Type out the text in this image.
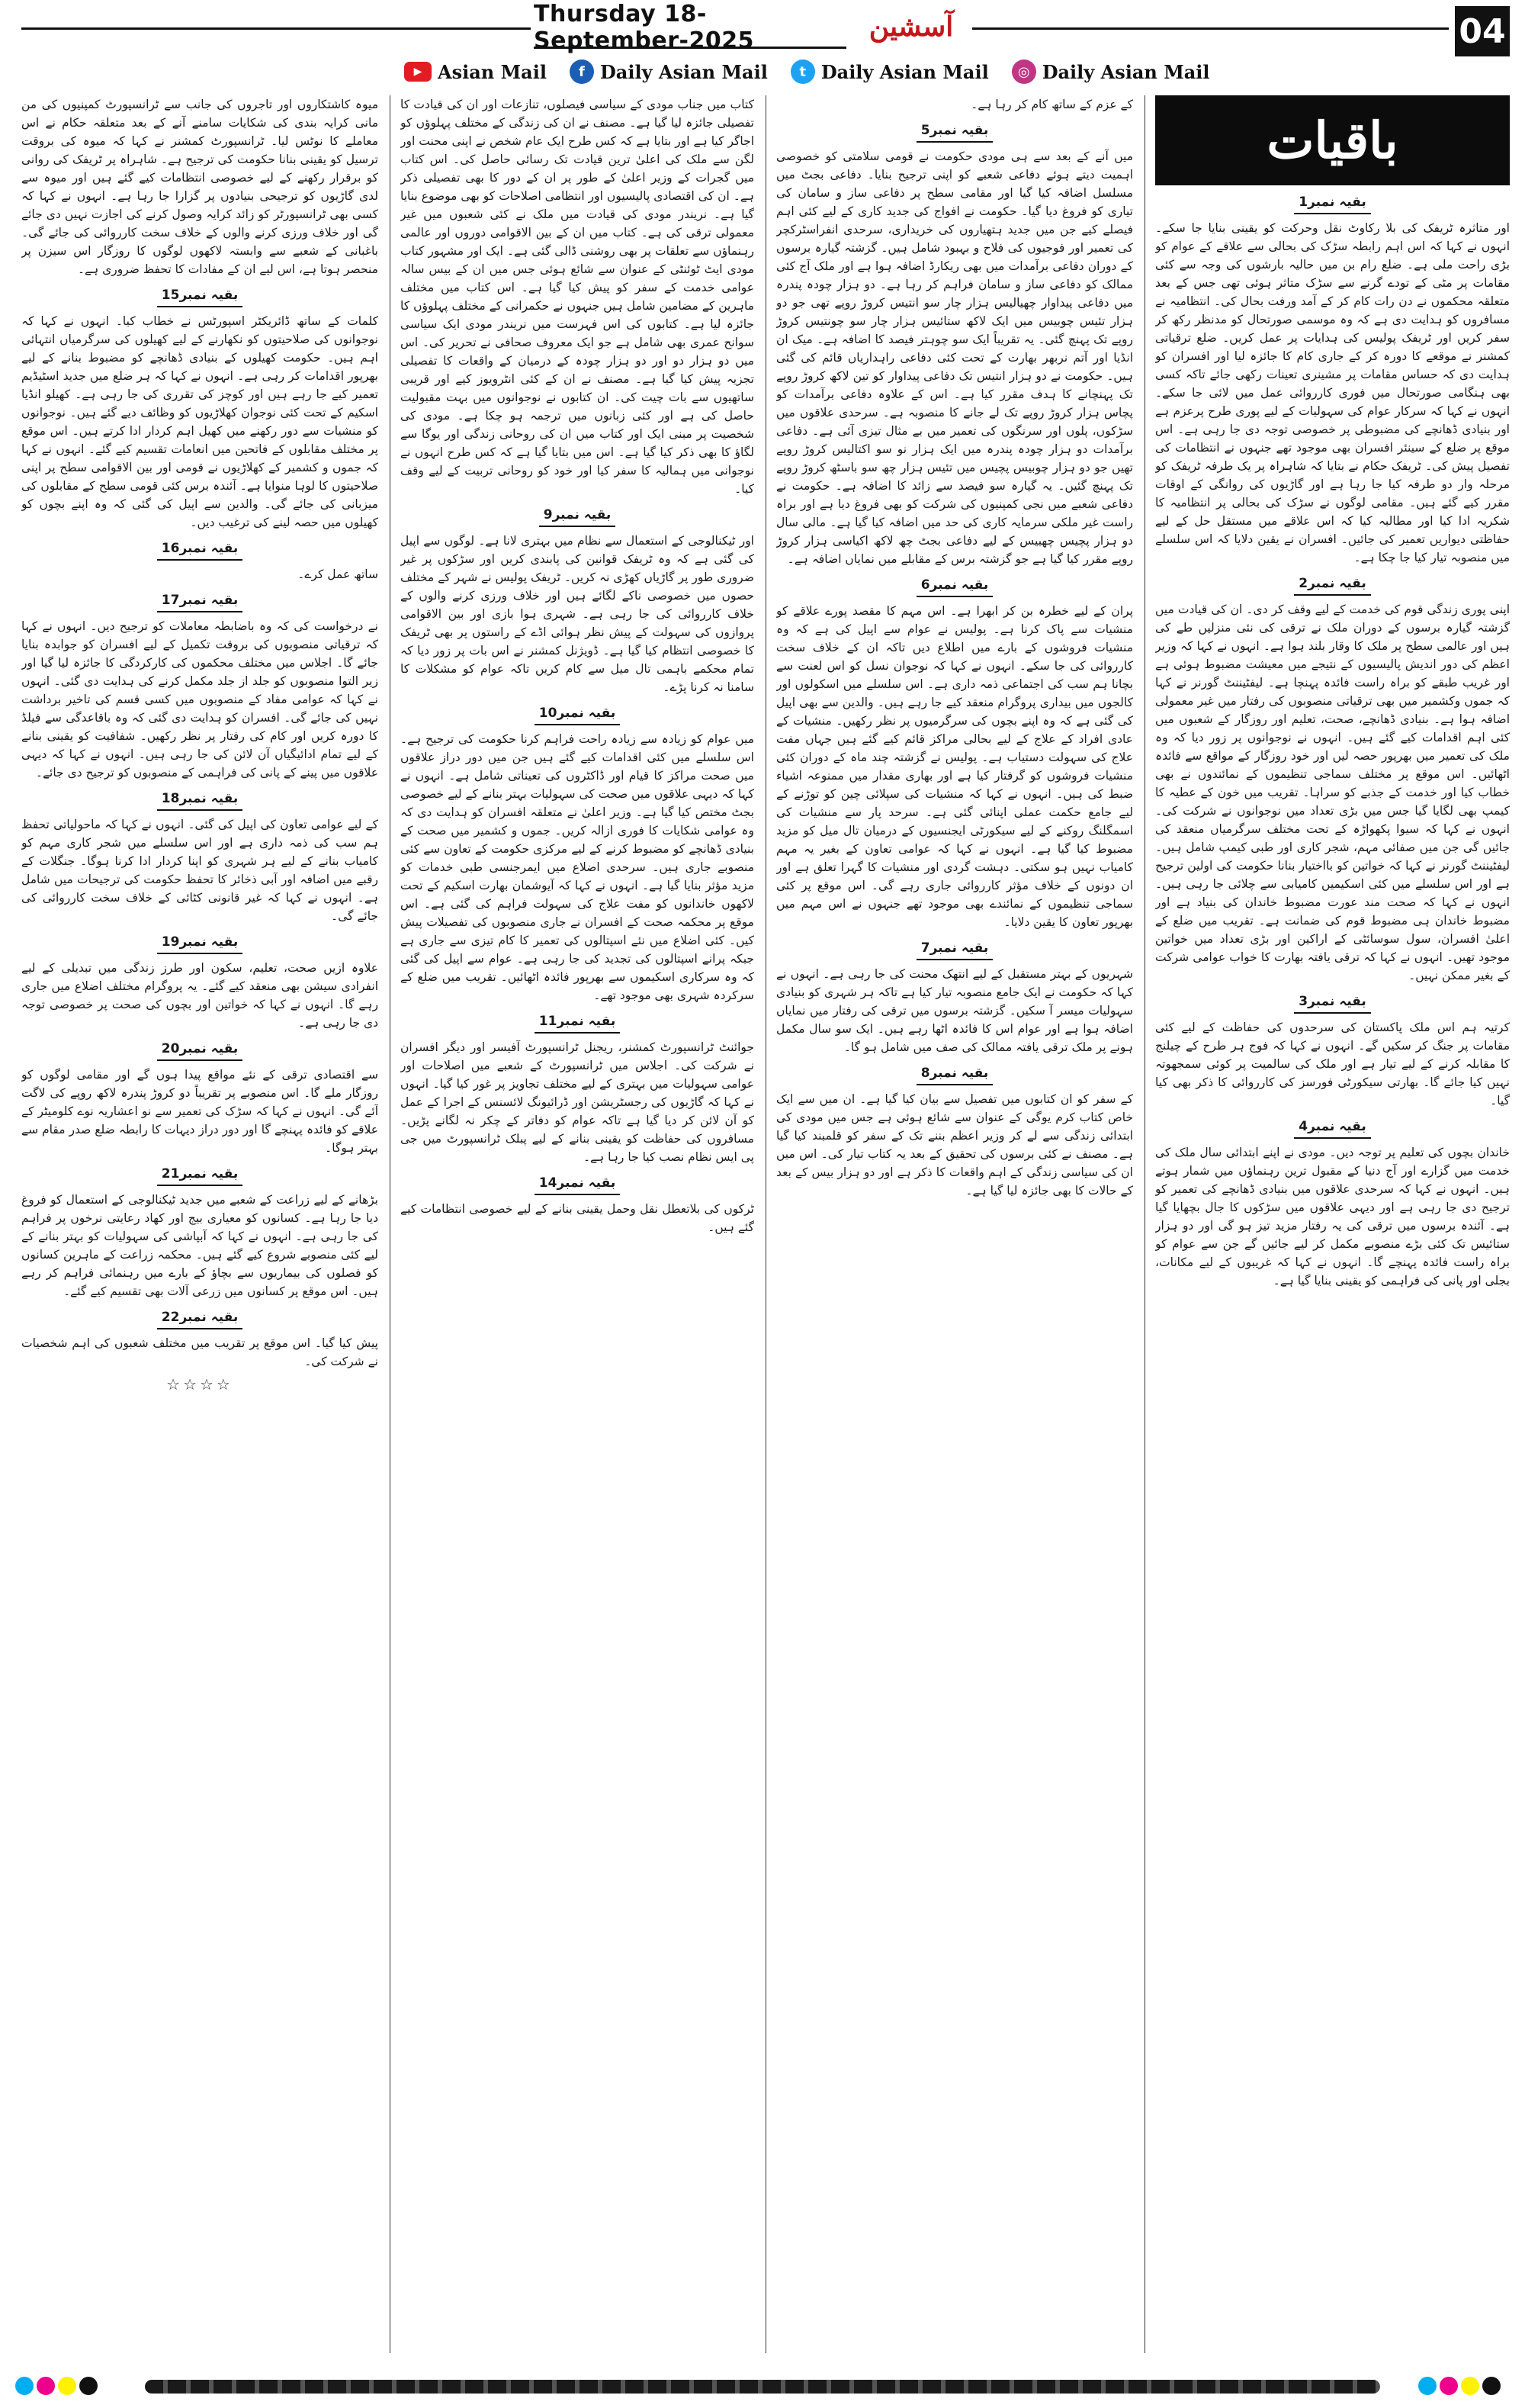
Thursday 18-September-2025	آسشین	04
▶ Asian Mail	f Daily Asian Mail	t Daily Asian Mail	◎ Daily Asian Mail
میوہ کاشتکاروں اور تاجروں کی جانب سے ٹرانسپورٹ کمپنیوں کی من مانی کرایہ بندی کی شکایات سامنے آنے کے بعد متعلقہ حکام نے اس معاملے کا نوٹس لیا۔ ٹرانسپورٹ کمشنر نے کہا کہ میوہ کی بروقت ترسیل کو یقینی بنانا حکومت کی ترجیح ہے۔ شاہراہ پر ٹریفک کی روانی کو برقرار رکھنے کے لیے خصوصی انتظامات کیے گئے ہیں اور میوہ سے لدی گاڑیوں کو ترجیحی بنیادوں پر گزارا جا رہا ہے۔ انہوں نے کہا کہ کسی بھی ٹرانسپورٹر کو زائد کرایہ وصول کرنے کی اجازت نہیں دی جائے گی اور خلاف ورزی کرنے والوں کے خلاف سخت کارروائی کی جائے گی۔ باغبانی کے شعبے سے وابستہ لاکھوں لوگوں کا روزگار اس سیزن پر منحصر ہوتا ہے، اس لیے ان کے مفادات کا تحفظ ضروری ہے۔
بقیہ نمبر15
کلمات کے ساتھ ڈائریکٹر اسپورٹس نے خطاب کیا۔ انہوں نے کہا کہ نوجوانوں کی صلاحیتوں کو نکھارنے کے لیے کھیلوں کی سرگرمیاں انتہائی اہم ہیں۔ حکومت کھیلوں کے بنیادی ڈھانچے کو مضبوط بنانے کے لیے بھرپور اقدامات کر رہی ہے۔ انہوں نے کہا کہ ہر ضلع میں جدید اسٹیڈیم تعمیر کیے جا رہے ہیں اور کوچز کی تقرری کی جا رہی ہے۔ کھیلو انڈیا اسکیم کے تحت کئی نوجوان کھلاڑیوں کو وظائف دیے گئے ہیں۔ نوجوانوں کو منشیات سے دور رکھنے میں کھیل اہم کردار ادا کرتے ہیں۔ اس موقع پر مختلف مقابلوں کے فاتحین میں انعامات تقسیم کیے گئے۔ انہوں نے کہا کہ جموں و کشمیر کے کھلاڑیوں نے قومی اور بین الاقوامی سطح پر اپنی صلاحیتوں کا لوہا منوایا ہے۔ آئندہ برس کئی قومی سطح کے مقابلوں کی میزبانی کی جائے گی۔ والدین سے اپیل کی گئی کہ وہ اپنے بچوں کو کھیلوں میں حصہ لینے کی ترغیب دیں۔
بقیہ نمبر16
ساتھ عمل کرے۔
بقیہ نمبر17
نے درخواست کی کہ وہ باضابطہ معاملات کو ترجیح دیں۔ انہوں نے کہا کہ ترقیاتی منصوبوں کی بروقت تکمیل کے لیے افسران کو جوابدہ بنایا جائے گا۔ اجلاس میں مختلف محکموں کی کارکردگی کا جائزہ لیا گیا اور زیر التوا منصوبوں کو جلد از جلد مکمل کرنے کی ہدایت دی گئی۔ انہوں نے کہا کہ عوامی مفاد کے منصوبوں میں کسی قسم کی تاخیر برداشت نہیں کی جائے گی۔ افسران کو ہدایت دی گئی کہ وہ باقاعدگی سے فیلڈ کا دورہ کریں اور کام کی رفتار پر نظر رکھیں۔ شفافیت کو یقینی بنانے کے لیے تمام ادائیگیاں آن لائن کی جا رہی ہیں۔ انہوں نے کہا کہ دیہی علاقوں میں پینے کے پانی کی فراہمی کے منصوبوں کو ترجیح دی جائے۔
بقیہ نمبر18
کے لیے عوامی تعاون کی اپیل کی گئی۔ انہوں نے کہا کہ ماحولیاتی تحفظ ہم سب کی ذمہ داری ہے اور اس سلسلے میں شجر کاری مہم کو کامیاب بنانے کے لیے ہر شہری کو اپنا کردار ادا کرنا ہوگا۔ جنگلات کے رقبے میں اضافہ اور آبی ذخائر کا تحفظ حکومت کی ترجیحات میں شامل ہے۔ انہوں نے کہا کہ غیر قانونی کٹائی کے خلاف سخت کارروائی کی جائے گی۔
بقیہ نمبر19
علاوہ ازیں صحت، تعلیم، سکون اور طرز زندگی میں تبدیلی کے لیے انفرادی سیشن بھی منعقد کیے گئے۔ یہ پروگرام مختلف اضلاع میں جاری رہے گا۔ انہوں نے کہا کہ خواتین اور بچوں کی صحت پر خصوصی توجہ دی جا رہی ہے۔
بقیہ نمبر20
سے اقتصادی ترقی کے نئے مواقع پیدا ہوں گے اور مقامی لوگوں کو روزگار ملے گا۔ اس منصوبے پر تقریباً دو کروڑ پندرہ لاکھ روپے کی لاگت آئے گی۔ انہوں نے کہا کہ سڑک کی تعمیر سے نو اعشاریہ نوے کلومیٹر کے علاقے کو فائدہ پہنچے گا اور دور دراز دیہات کا رابطہ ضلع صدر مقام سے بہتر ہوگا۔
بقیہ نمبر21
بڑھانے کے لیے زراعت کے شعبے میں جدید ٹیکنالوجی کے استعمال کو فروغ دیا جا رہا ہے۔ کسانوں کو معیاری بیج اور کھاد رعایتی نرخوں پر فراہم کی جا رہی ہے۔ انہوں نے کہا کہ آبپاشی کی سہولیات کو بہتر بنانے کے لیے کئی منصوبے شروع کیے گئے ہیں۔ محکمہ زراعت کے ماہرین کسانوں کو فصلوں کی بیماریوں سے بچاؤ کے بارے میں رہنمائی فراہم کر رہے ہیں۔ اس موقع پر کسانوں میں زرعی آلات بھی تقسیم کیے گئے۔
بقیہ نمبر22
پیش کیا گیا۔ اس موقع پر تقریب میں مختلف شعبوں کی اہم شخصیات نے شرکت کی۔
☆☆☆☆
کتاب میں جناب مودی کے سیاسی فیصلوں، تنازعات اور ان کی قیادت کا تفصیلی جائزہ لیا گیا ہے۔ مصنف نے ان کی زندگی کے مختلف پہلوؤں کو اجاگر کیا ہے اور بتایا ہے کہ کس طرح ایک عام شخص نے اپنی محنت اور لگن سے ملک کی اعلیٰ ترین قیادت تک رسائی حاصل کی۔ اس کتاب میں گجرات کے وزیر اعلیٰ کے طور پر ان کے دور کا بھی تفصیلی ذکر ہے۔ ان کی اقتصادی پالیسیوں اور انتظامی اصلاحات کو بھی موضوع بنایا گیا ہے۔ نریندر مودی کی قیادت میں ملک نے کئی شعبوں میں غیر معمولی ترقی کی ہے۔ کتاب میں ان کے بین الاقوامی دوروں اور عالمی رہنماؤں سے تعلقات پر بھی روشنی ڈالی گئی ہے۔ ایک اور مشہور کتاب مودی ایٹ ٹوئنٹی کے عنوان سے شائع ہوئی جس میں ان کے بیس سالہ عوامی خدمت کے سفر کو پیش کیا گیا ہے۔ اس کتاب میں مختلف ماہرین کے مضامین شامل ہیں جنہوں نے حکمرانی کے مختلف پہلوؤں کا جائزہ لیا ہے۔ کتابوں کی اس فہرست میں نریندر مودی ایک سیاسی سوانح عمری بھی شامل ہے جو ایک معروف صحافی نے تحریر کی۔ اس میں دو ہزار دو اور دو ہزار چودہ کے درمیان کے واقعات کا تفصیلی تجزیہ پیش کیا گیا ہے۔ مصنف نے ان کے کئی انٹرویوز کیے اور قریبی ساتھیوں سے بات چیت کی۔ ان کتابوں نے نوجوانوں میں بہت مقبولیت حاصل کی ہے اور کئی زبانوں میں ترجمہ ہو چکا ہے۔ مودی کی شخصیت پر مبنی ایک اور کتاب میں ان کی روحانی زندگی اور یوگا سے لگاؤ کا بھی ذکر کیا گیا ہے۔ اس میں بتایا گیا ہے کہ کس طرح انہوں نے نوجوانی میں ہمالیہ کا سفر کیا اور خود کو روحانی تربیت کے لیے وقف کیا۔
بقیہ نمبر9
اور ٹیکنالوجی کے استعمال سے نظام میں بہتری لانا ہے۔ لوگوں سے اپیل کی گئی ہے کہ وہ ٹریفک قوانین کی پابندی کریں اور سڑکوں پر غیر ضروری طور پر گاڑیاں کھڑی نہ کریں۔ ٹریفک پولیس نے شہر کے مختلف حصوں میں خصوصی ناکے لگائے ہیں اور خلاف ورزی کرنے والوں کے خلاف کارروائی کی جا رہی ہے۔ شہری ہوا بازی اور بین الاقوامی پروازوں کی سہولت کے پیش نظر ہوائی اڈے کے راستوں پر بھی ٹریفک کا خصوصی انتظام کیا گیا ہے۔ ڈویژنل کمشنر نے اس بات پر زور دیا کہ تمام محکمے باہمی تال میل سے کام کریں تاکہ عوام کو مشکلات کا سامنا نہ کرنا پڑے۔
بقیہ نمبر10
میں عوام کو زیادہ سے زیادہ راحت فراہم کرنا حکومت کی ترجیح ہے۔ اس سلسلے میں کئی اقدامات کیے گئے ہیں جن میں دور دراز علاقوں میں صحت مراکز کا قیام اور ڈاکٹروں کی تعیناتی شامل ہے۔ انہوں نے کہا کہ دیہی علاقوں میں صحت کی سہولیات بہتر بنانے کے لیے خصوصی بجٹ مختص کیا گیا ہے۔ وزیر اعلیٰ نے متعلقہ افسران کو ہدایت دی کہ وہ عوامی شکایات کا فوری ازالہ کریں۔ جموں و کشمیر میں صحت کے بنیادی ڈھانچے کو مضبوط کرنے کے لیے مرکزی حکومت کے تعاون سے کئی منصوبے جاری ہیں۔ سرحدی اضلاع میں ایمرجنسی طبی خدمات کو مزید مؤثر بنایا گیا ہے۔ انہوں نے کہا کہ آیوشمان بھارت اسکیم کے تحت لاکھوں خاندانوں کو مفت علاج کی سہولت فراہم کی گئی ہے۔ اس موقع پر محکمہ صحت کے افسران نے جاری منصوبوں کی تفصیلات پیش کیں۔ کئی اضلاع میں نئے اسپتالوں کی تعمیر کا کام تیزی سے جاری ہے جبکہ پرانے اسپتالوں کی تجدید کی جا رہی ہے۔ عوام سے اپیل کی گئی کہ وہ سرکاری اسکیموں سے بھرپور فائدہ اٹھائیں۔ تقریب میں ضلع کے سرکردہ شہری بھی موجود تھے۔
بقیہ نمبر11
جوائنٹ ٹرانسپورٹ کمشنر، ریجنل ٹرانسپورٹ آفیسر اور دیگر افسران نے شرکت کی۔ اجلاس میں ٹرانسپورٹ کے شعبے میں اصلاحات اور عوامی سہولیات میں بہتری کے لیے مختلف تجاویز پر غور کیا گیا۔ انہوں نے کہا کہ گاڑیوں کی رجسٹریشن اور ڈرائیونگ لائسنس کے اجرا کے عمل کو آن لائن کر دیا گیا ہے تاکہ عوام کو دفاتر کے چکر نہ لگانے پڑیں۔ مسافروں کی حفاظت کو یقینی بنانے کے لیے پبلک ٹرانسپورٹ میں جی پی ایس نظام نصب کیا جا رہا ہے۔
بقیہ نمبر14
ٹرکوں کی بلاتعطل نقل وحمل یقینی بنانے کے لیے خصوصی انتظامات کیے گئے ہیں۔
کے عزم کے ساتھ کام کر رہا ہے۔
بقیہ نمبر5
میں آنے کے بعد سے ہی مودی حکومت نے قومی سلامتی کو خصوصی اہمیت دیتے ہوئے دفاعی شعبے کو اپنی ترجیح بنایا۔ دفاعی بجٹ میں مسلسل اضافہ کیا گیا اور مقامی سطح پر دفاعی ساز و سامان کی تیاری کو فروغ دیا گیا۔ حکومت نے افواج کی جدید کاری کے لیے کئی اہم فیصلے کیے جن میں جدید ہتھیاروں کی خریداری، سرحدی انفراسٹرکچر کی تعمیر اور فوجیوں کی فلاح و بہبود شامل ہیں۔ گزشتہ گیارہ برسوں کے دوران دفاعی برآمدات میں بھی ریکارڈ اضافہ ہوا ہے اور ملک آج کئی ممالک کو دفاعی ساز و سامان فراہم کر رہا ہے۔ دو ہزار چودہ پندرہ میں دفاعی پیداوار چھیالیس ہزار چار سو انتیس کروڑ روپے تھی جو دو ہزار تئیس چوبیس میں ایک لاکھ ستائیس ہزار چار سو چونتیس کروڑ روپے تک پہنچ گئی۔ یہ تقریباً ایک سو چوہتر فیصد کا اضافہ ہے۔ میک ان انڈیا اور آتم نربھر بھارت کے تحت کئی دفاعی راہداریاں قائم کی گئی ہیں۔ حکومت نے دو ہزار انتیس تک دفاعی پیداوار کو تین لاکھ کروڑ روپے تک پہنچانے کا ہدف مقرر کیا ہے۔ اس کے علاوہ دفاعی برآمدات کو پچاس ہزار کروڑ روپے تک لے جانے کا منصوبہ ہے۔ سرحدی علاقوں میں سڑکوں، پلوں اور سرنگوں کی تعمیر میں بے مثال تیزی آئی ہے۔ دفاعی برآمدات دو ہزار چودہ پندرہ میں ایک ہزار نو سو اکتالیس کروڑ روپے تھیں جو دو ہزار چوبیس پچیس میں تئیس ہزار چھ سو باسٹھ کروڑ روپے تک پہنچ گئیں۔ یہ گیارہ سو فیصد سے زائد کا اضافہ ہے۔ حکومت نے دفاعی شعبے میں نجی کمپنیوں کی شرکت کو بھی فروغ دیا ہے اور براہ راست غیر ملکی سرمایہ کاری کی حد میں اضافہ کیا گیا ہے۔ مالی سال دو ہزار پچیس چھبیس کے لیے دفاعی بجٹ چھ لاکھ اکیاسی ہزار کروڑ روپے مقرر کیا گیا ہے جو گزشتہ برس کے مقابلے میں نمایاں اضافہ ہے۔
بقیہ نمبر6
پران کے لیے خطرہ بن کر ابھرا ہے۔ اس مہم کا مقصد پورے علاقے کو منشیات سے پاک کرنا ہے۔ پولیس نے عوام سے اپیل کی ہے کہ وہ منشیات فروشوں کے بارے میں اطلاع دیں تاکہ ان کے خلاف سخت کارروائی کی جا سکے۔ انہوں نے کہا کہ نوجوان نسل کو اس لعنت سے بچانا ہم سب کی اجتماعی ذمہ داری ہے۔ اس سلسلے میں اسکولوں اور کالجوں میں بیداری پروگرام منعقد کیے جا رہے ہیں۔ والدین سے بھی اپیل کی گئی ہے کہ وہ اپنے بچوں کی سرگرمیوں پر نظر رکھیں۔ منشیات کے عادی افراد کے علاج کے لیے بحالی مراکز قائم کیے گئے ہیں جہاں مفت علاج کی سہولت دستیاب ہے۔ پولیس نے گزشتہ چند ماہ کے دوران کئی منشیات فروشوں کو گرفتار کیا ہے اور بھاری مقدار میں ممنوعہ اشیاء ضبط کی ہیں۔ انہوں نے کہا کہ منشیات کی سپلائی چین کو توڑنے کے لیے جامع حکمت عملی اپنائی گئی ہے۔ سرحد پار سے منشیات کی اسمگلنگ روکنے کے لیے سیکورٹی ایجنسیوں کے درمیان تال میل کو مزید مضبوط کیا گیا ہے۔ انہوں نے کہا کہ عوامی تعاون کے بغیر یہ مہم کامیاب نہیں ہو سکتی۔ دہشت گردی اور منشیات کا گہرا تعلق ہے اور ان دونوں کے خلاف مؤثر کارروائی جاری رہے گی۔ اس موقع پر کئی سماجی تنظیموں کے نمائندے بھی موجود تھے جنہوں نے اس مہم میں بھرپور تعاون کا یقین دلایا۔
بقیہ نمبر7
شہریوں کے بہتر مستقبل کے لیے انتھک محنت کی جا رہی ہے۔ انہوں نے کہا کہ حکومت نے ایک جامع منصوبہ تیار کیا ہے تاکہ ہر شہری کو بنیادی سہولیات میسر آ سکیں۔ گزشتہ برسوں میں ترقی کی رفتار میں نمایاں اضافہ ہوا ہے اور عوام اس کا فائدہ اٹھا رہے ہیں۔ ایک سو سال مکمل ہونے پر ملک ترقی یافتہ ممالک کی صف میں شامل ہو گا۔
بقیہ نمبر8
کے سفر کو ان کتابوں میں تفصیل سے بیان کیا گیا ہے۔ ان میں سے ایک خاص کتاب کرم یوگی کے عنوان سے شائع ہوئی ہے جس میں مودی کی ابتدائی زندگی سے لے کر وزیر اعظم بننے تک کے سفر کو قلمبند کیا گیا ہے۔ مصنف نے کئی برسوں کی تحقیق کے بعد یہ کتاب تیار کی۔ اس میں ان کی سیاسی زندگی کے اہم واقعات کا ذکر ہے اور دو ہزار بیس کے بعد کے حالات کا بھی جائزہ لیا گیا ہے۔
باقیات
بقیہ نمبر1
اور متاثرہ ٹریفک کی بلا رکاوٹ نقل وحرکت کو یقینی بنایا جا سکے۔ انہوں نے کہا کہ اس اہم رابطہ سڑک کی بحالی سے علاقے کے عوام کو بڑی راحت ملی ہے۔ ضلع رام بن میں حالیہ بارشوں کی وجہ سے کئی مقامات پر مٹی کے تودے گرنے سے سڑک متاثر ہوئی تھی جس کے بعد متعلقہ محکموں نے دن رات کام کر کے آمد ورفت بحال کی۔ انتظامیہ نے مسافروں کو ہدایت دی ہے کہ وہ موسمی صورتحال کو مدنظر رکھ کر سفر کریں اور ٹریفک پولیس کی ہدایات پر عمل کریں۔ ضلع ترقیاتی کمشنر نے موقعے کا دورہ کر کے جاری کام کا جائزہ لیا اور افسران کو ہدایت دی کہ حساس مقامات پر مشینری تعینات رکھی جائے تاکہ کسی بھی ہنگامی صورتحال میں فوری کارروائی عمل میں لائی جا سکے۔ انہوں نے کہا کہ سرکار عوام کی سہولیات کے لیے پوری طرح پرعزم ہے اور بنیادی ڈھانچے کی مضبوطی پر خصوصی توجہ دی جا رہی ہے۔ اس موقع پر ضلع کے سینئر افسران بھی موجود تھے جنہوں نے انتظامات کی تفصیل پیش کی۔ ٹریفک حکام نے بتایا کہ شاہراہ پر یک طرفہ ٹریفک کو مرحلہ وار دو طرفہ کیا جا رہا ہے اور گاڑیوں کی روانگی کے اوقات مقرر کیے گئے ہیں۔ مقامی لوگوں نے سڑک کی بحالی پر انتظامیہ کا شکریہ ادا کیا اور مطالبہ کیا کہ اس علاقے میں مستقل حل کے لیے حفاظتی دیواریں تعمیر کی جائیں۔ افسران نے یقین دلایا کہ اس سلسلے میں منصوبہ تیار کیا جا چکا ہے۔
بقیہ نمبر2
اپنی پوری زندگی قوم کی خدمت کے لیے وقف کر دی۔ ان کی قیادت میں گزشتہ گیارہ برسوں کے دوران ملک نے ترقی کی نئی منزلیں طے کی ہیں اور عالمی سطح پر ملک کا وقار بلند ہوا ہے۔ انہوں نے کہا کہ وزیر اعظم کی دور اندیش پالیسیوں کے نتیجے میں معیشت مضبوط ہوئی ہے اور غریب طبقے کو براہ راست فائدہ پہنچا ہے۔ لیفٹیننٹ گورنر نے کہا کہ جموں وکشمیر میں بھی ترقیاتی منصوبوں کی رفتار میں غیر معمولی اضافہ ہوا ہے۔ بنیادی ڈھانچے، صحت، تعلیم اور روزگار کے شعبوں میں کئی اہم اقدامات کیے گئے ہیں۔ انہوں نے نوجوانوں پر زور دیا کہ وہ ملک کی تعمیر میں بھرپور حصہ لیں اور خود روزگار کے مواقع سے فائدہ اٹھائیں۔ اس موقع پر مختلف سماجی تنظیموں کے نمائندوں نے بھی خطاب کیا اور خدمت کے جذبے کو سراہا۔ تقریب میں خون کے عطیہ کا کیمپ بھی لگایا گیا جس میں بڑی تعداد میں نوجوانوں نے شرکت کی۔ انہوں نے کہا کہ سیوا پکھواڑہ کے تحت مختلف سرگرمیاں منعقد کی جائیں گی جن میں صفائی مہم، شجر کاری اور طبی کیمپ شامل ہیں۔ لیفٹیننٹ گورنر نے کہا کہ خواتین کو بااختیار بنانا حکومت کی اولین ترجیح ہے اور اس سلسلے میں کئی اسکیمیں کامیابی سے چلائی جا رہی ہیں۔ انہوں نے کہا کہ صحت مند عورت مضبوط خاندان کی بنیاد ہے اور مضبوط خاندان ہی مضبوط قوم کی ضمانت ہے۔ تقریب میں ضلع کے اعلیٰ افسران، سول سوسائٹی کے اراکین اور بڑی تعداد میں خواتین موجود تھیں۔ انہوں نے کہا کہ ترقی یافتہ بھارت کا خواب عوامی شرکت کے بغیر ممکن نہیں۔
بقیہ نمبر3
کرتیہ ہم اس ملک پاکستان کی سرحدوں کی حفاظت کے لیے کئی مقامات پر جنگ کر سکیں گے۔ انہوں نے کہا کہ فوج ہر طرح کے چیلنج کا مقابلہ کرنے کے لیے تیار ہے اور ملک کی سالمیت پر کوئی سمجھوتہ نہیں کیا جائے گا۔ بھارتی سیکورٹی فورسز کی کارروائی کا ذکر بھی کیا گیا۔
بقیہ نمبر4
خاندان بچوں کی تعلیم پر توجہ دیں۔ مودی نے اپنے ابتدائی سال ملک کی خدمت میں گزارے اور آج دنیا کے مقبول ترین رہنماؤں میں شمار ہوتے ہیں۔ انہوں نے کہا کہ سرحدی علاقوں میں بنیادی ڈھانچے کی تعمیر کو ترجیح دی جا رہی ہے اور دیہی علاقوں میں سڑکوں کا جال بچھایا گیا ہے۔ آئندہ برسوں میں ترقی کی یہ رفتار مزید تیز ہو گی اور دو ہزار ستائیس تک کئی بڑے منصوبے مکمل کر لیے جائیں گے جن سے عوام کو براہ راست فائدہ پہنچے گا۔ انہوں نے کہا کہ غریبوں کے لیے مکانات، بجلی اور پانی کی فراہمی کو یقینی بنایا گیا ہے۔
